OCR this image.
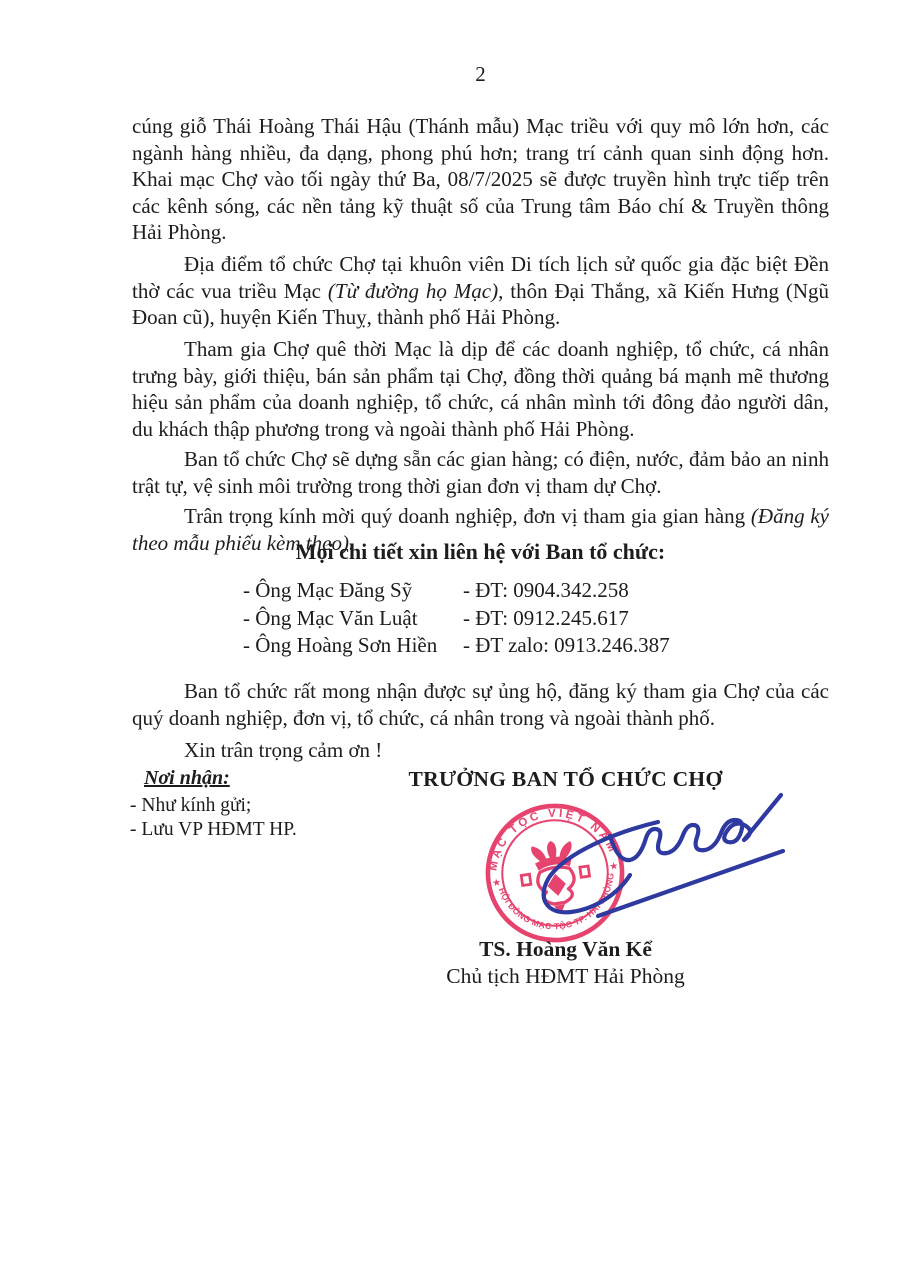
2

cúng giỗ Thái Hoàng Thái Hậu (Thánh mẫu) Mạc triều với quy mô lớn hơn, các ngành hàng nhiều, đa dạng, phong phú hơn; trang trí cảnh quan sinh động hơn. Khai mạc Chợ vào tối ngày thứ Ba, 08/7/2025 sẽ được truyền hình trực tiếp trên các kênh sóng, các nền tảng kỹ thuật số của Trung tâm Báo chí & Truyền thông Hải Phòng.

Địa điểm tổ chức Chợ tại khuôn viên Di tích lịch sử quốc gia đặc biệt Đền thờ các vua triều Mạc (Từ đường họ Mạc), thôn Đại Thắng, xã Kiến Hưng (Ngũ Đoan cũ), huyện Kiến Thuỵ, thành phố Hải Phòng.

Tham gia Chợ quê thời Mạc là dịp để các doanh nghiệp, tổ chức, cá nhân trưng bày, giới thiệu, bán sản phẩm tại Chợ, đồng thời quảng bá mạnh mẽ thương hiệu sản phẩm của doanh nghiệp, tổ chức, cá nhân mình tới đông đảo người dân, du khách thập phương trong và ngoài thành phố Hải Phòng.

Ban tổ chức Chợ sẽ dựng sẵn các gian hàng; có điện, nước, đảm bảo an ninh trật tự, vệ sinh môi trường trong thời gian đơn vị tham dự Chợ.

Trân trọng kính mời quý doanh nghiệp, đơn vị tham gia gian hàng (Đăng ký theo mẫu phiếu kèm theo).

Mọi chi tiết xin liên hệ với Ban tổ chức:
- Ông Mạc Đăng Sỹ	- ĐT: 0904.342.258
- Ông Mạc Văn Luật	- ĐT: 0912.245.617
- Ông Hoàng Sơn Hiền	- ĐT zalo: 0913.246.387

Ban tổ chức rất mong nhận được sự ủng hộ, đăng ký tham gia Chợ của các quý doanh nghiệp, đơn vị, tổ chức, cá nhân trong và ngoài thành phố.

Xin trân trọng cảm ơn !

Nơi nhận:
- Như kính gửi;
- Lưu VP HĐMT HP.
TRƯỞNG BAN TỔ CHỨC CHỢ
MẠC TỘC VIỆT NAM
HỘI ĐỒNG MẠC TỘC TP. HẢI PHÒNG
★
★
TS. Hoàng Văn Kể
Chủ tịch HĐMT Hải Phòng
